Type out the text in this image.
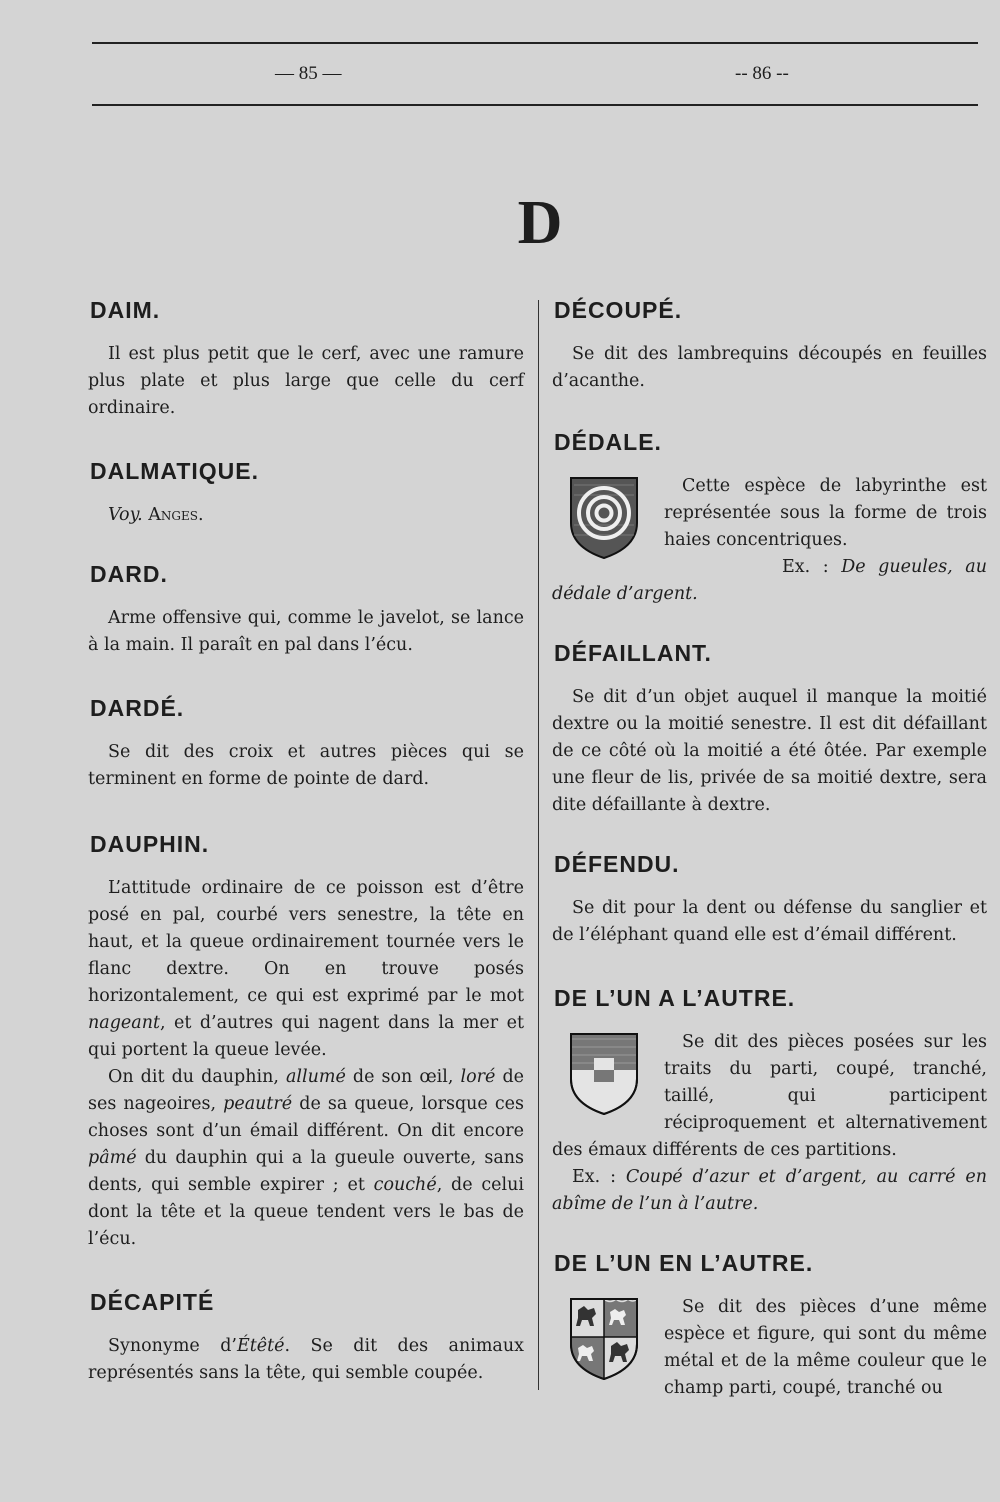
— 85 —	-- 86 --
D
DAIM.

Il est plus petit que le cerf, avec une ramure plus plate et plus large que celle du cerf ordinaire.

DALMATIQUE.

Voy. Anges.

DARD.

Arme offensive qui, comme le javelot, se lance à la main. Il paraît en pal dans l’écu.

DARDÉ.

Se dit des croix et autres pièces qui se terminent en forme de pointe de dard.

DAUPHIN.

L’attitude ordinaire de ce poisson est d’être posé en pal, courbé vers senestre, la tête en haut, et la queue ordinairement tournée vers le flanc dextre. On en trouve posés horizontalement, ce qui est exprimé par le mot nageant, et d’autres qui nagent dans la mer et qui portent la queue levée.

On dit du dauphin, allumé de son œil, loré de ses nageoires, peautré de sa queue, lorsque ces choses sont d’un émail différent. On dit encore pâmé du dauphin qui a la gueule ouverte, sans dents, qui semble expirer ; et couché, de celui dont la tête et la queue tendent vers le bas de l’écu.

DÉCAPITÉ

Synonyme d’Étêté. Se dit des animaux représentés sans la tête, qui semble coupée.

DÉCOUPÉ.

Se dit des lambrequins découpés en feuilles d’acanthe.

DÉDALE.

Cette espèce de labyrinthe est représentée sous la forme de trois haies concentriques.

Ex. : De gueules, au dédale d’argent.

DÉFAILLANT.

Se dit d’un objet auquel il manque la moitié dextre ou la moitié senestre. Il est dit défaillant de ce côté où la moitié a été ôtée. Par exemple une fleur de lis, privée de sa moitié dextre, sera dite défaillante à dextre.

DÉFENDU.

Se dit pour la dent ou défense du sanglier et de l’éléphant quand elle est d’émail différent.

DE L’UN A L’AUTRE.

Se dit des pièces posées sur les traits du parti, coupé, tranché, taillé, qui participent réciproquement et alternativement des émaux différents de ces partitions.

Ex. : Coupé d’azur et d’argent, au carré en abîme de l’un à l’autre.

DE L’UN EN L’AUTRE.

Se dit des pièces d’une même espèce et figure, qui sont du même métal et de la même couleur que le champ parti, coupé, tranché ou
